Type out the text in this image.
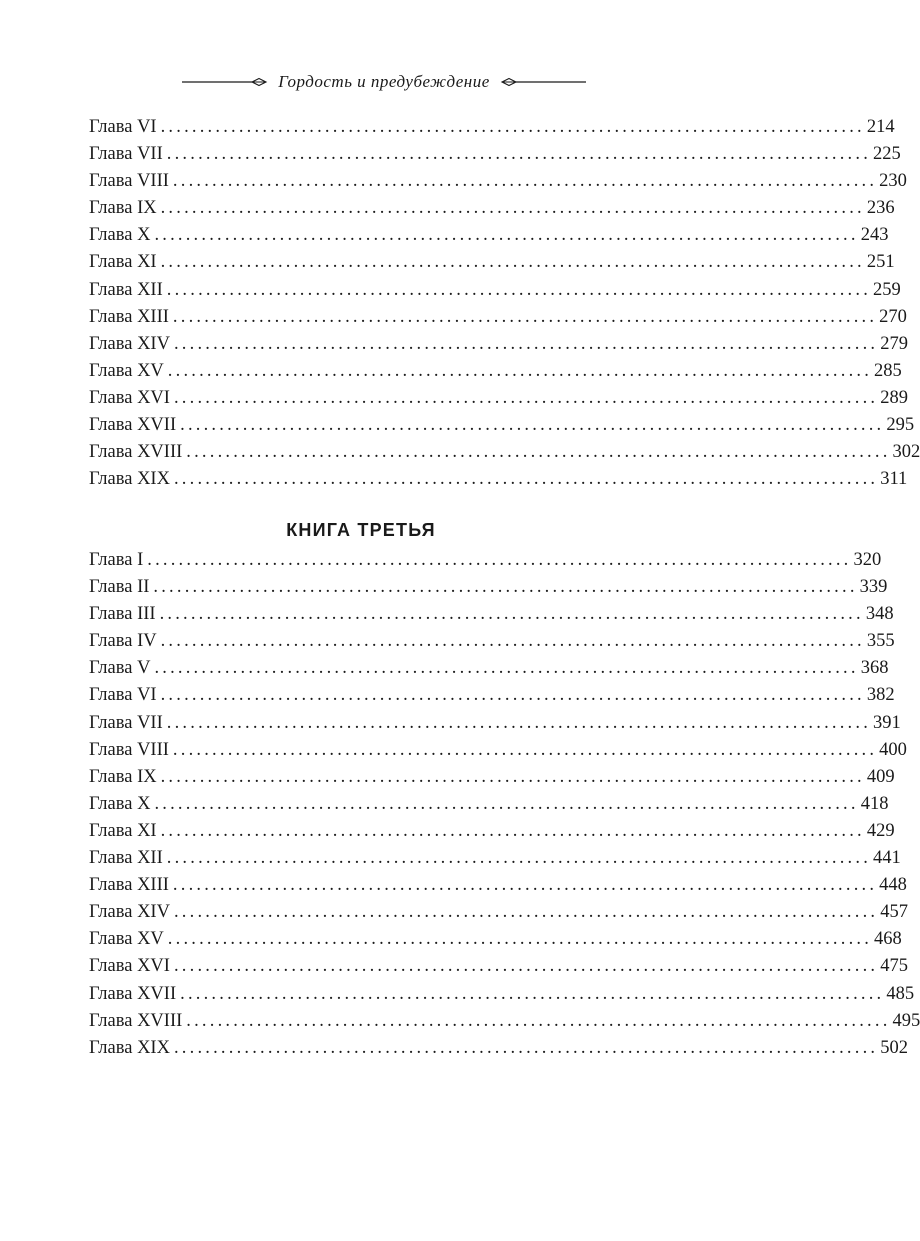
Гордость и предубеждение
Глава VI .......................................................................................... 214
Глава VII .......................................................................................... 225
Глава VIII .......................................................................................... 230
Глава IX .......................................................................................... 236
Глава X .......................................................................................... 243
Глава XI .......................................................................................... 251
Глава XII .......................................................................................... 259
Глава XIII .......................................................................................... 270
Глава XIV .......................................................................................... 279
Глава XV .......................................................................................... 285
Глава XVI .......................................................................................... 289
Глава XVII .......................................................................................... 295
Глава XVIII .......................................................................................... 302
Глава XIX .......................................................................................... 311
КНИГА ТРЕТЬЯ
Глава I .......................................................................................... 320
Глава II .......................................................................................... 339
Глава III .......................................................................................... 348
Глава IV .......................................................................................... 355
Глава V .......................................................................................... 368
Глава VI .......................................................................................... 382
Глава VII .......................................................................................... 391
Глава VIII .......................................................................................... 400
Глава IX .......................................................................................... 409
Глава X .......................................................................................... 418
Глава XI .......................................................................................... 429
Глава XII .......................................................................................... 441
Глава XIII .......................................................................................... 448
Глава XIV .......................................................................................... 457
Глава XV .......................................................................................... 468
Глава XVI .......................................................................................... 475
Глава XVII .......................................................................................... 485
Глава XVIII .......................................................................................... 495
Глава XIX .......................................................................................... 502
